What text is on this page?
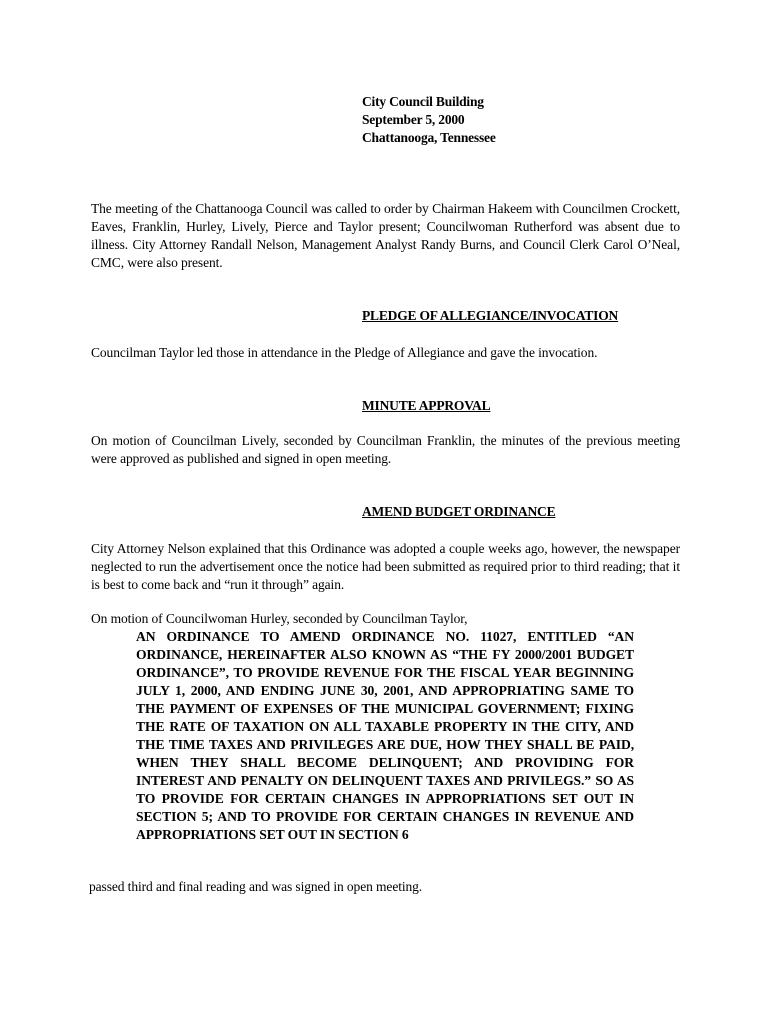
City Council Building
September 5, 2000
Chattanooga, Tennessee
The meeting of the Chattanooga Council was called to order by Chairman Hakeem with Councilmen Crockett, Eaves, Franklin, Hurley, Lively, Pierce and Taylor present; Councilwoman Rutherford was absent due to illness. City Attorney Randall Nelson, Management Analyst Randy Burns, and Council Clerk Carol O’Neal, CMC, were also present.
PLEDGE OF ALLEGIANCE/INVOCATION
Councilman Taylor led those in attendance in the Pledge of Allegiance and gave the invocation.
MINUTE APPROVAL
On motion of Councilman Lively, seconded by Councilman Franklin, the minutes of the previous meeting were approved as published and signed in open meeting.
AMEND BUDGET ORDINANCE
City Attorney Nelson explained that this Ordinance was adopted a couple weeks ago, however, the newspaper neglected to run the advertisement once the notice had been submitted as required prior to third reading; that it is best to come back and “run it through” again.
On motion of Councilwoman Hurley, seconded by Councilman Taylor,
AN ORDINANCE TO AMEND ORDINANCE NO. 11027, ENTITLED “AN ORDINANCE, HEREINAFTER ALSO KNOWN AS “THE FY 2000/2001 BUDGET ORDINANCE”, TO PROVIDE REVENUE FOR THE FISCAL YEAR BEGINNING JULY 1, 2000, AND ENDING JUNE 30, 2001, AND APPROPRIATING SAME TO THE PAYMENT OF EXPENSES OF THE MUNICIPAL GOVERNMENT; FIXING THE RATE OF TAXATION ON ALL TAXABLE PROPERTY IN THE CITY, AND THE TIME TAXES AND PRIVILEGES ARE DUE, HOW THEY SHALL BE PAID, WHEN THEY SHALL BECOME DELINQUENT; AND PROVIDING FOR INTEREST AND PENALTY ON DELINQUENT TAXES AND PRIVILEGS.” SO AS TO PROVIDE FOR CERTAIN CHANGES IN APPROPRIATIONS SET OUT IN SECTION 5; AND TO PROVIDE FOR CERTAIN CHANGES IN REVENUE AND APPROPRIATIONS SET OUT IN SECTION 6
passed third and final reading and was signed in open meeting.
